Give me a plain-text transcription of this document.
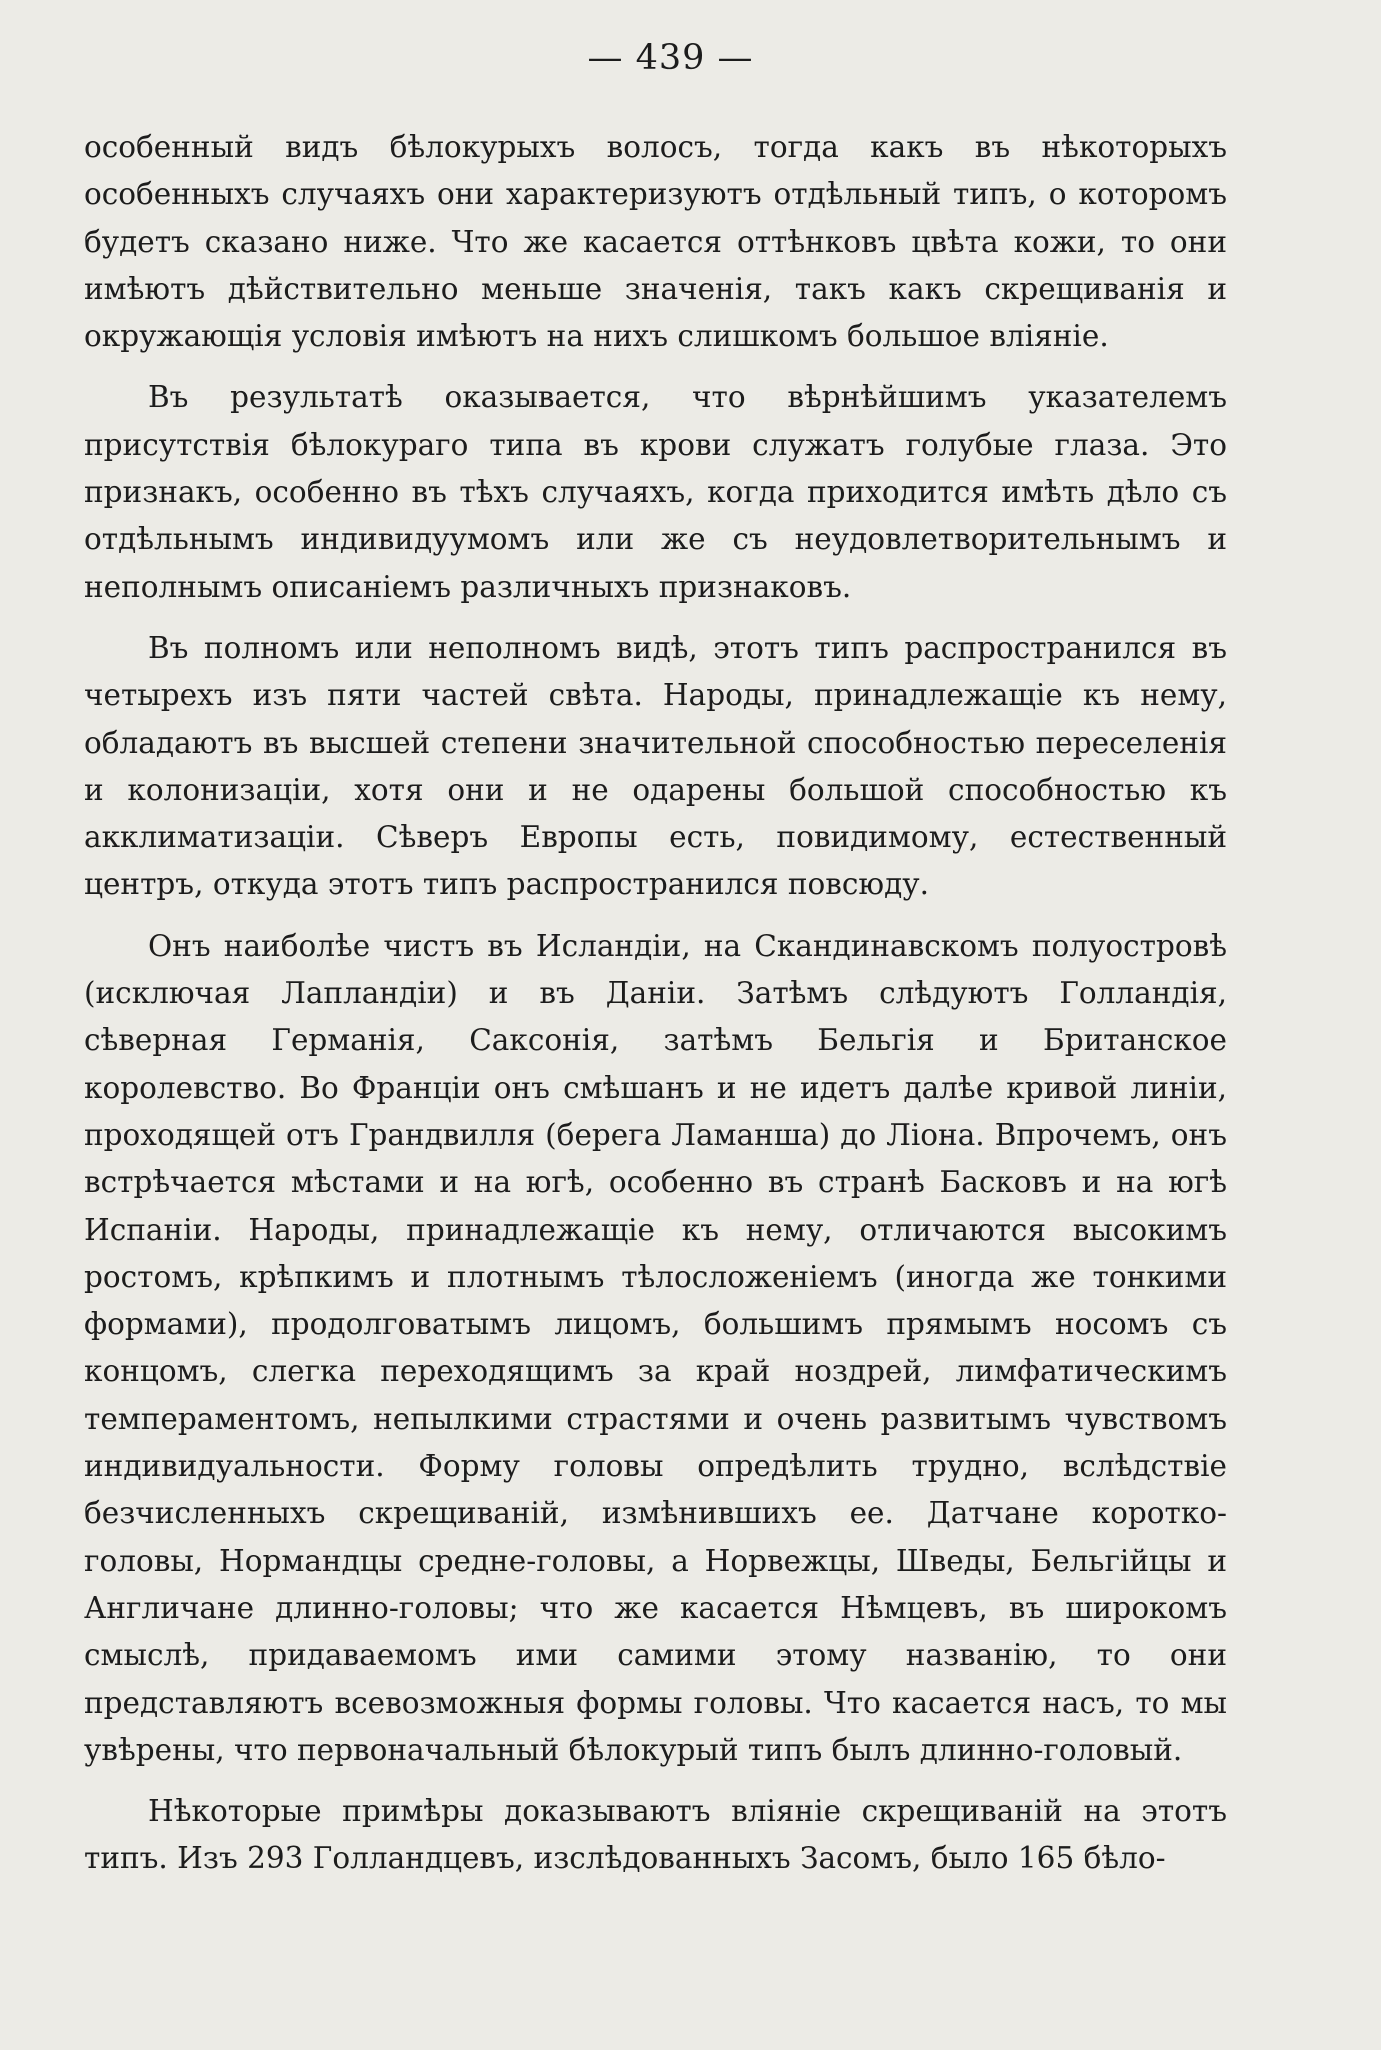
— 439 —

особенный видъ бѣлокурыхъ волосъ, тогда какъ въ нѣкоторыхъ особенныхъ случаяхъ они характеризуютъ отдѣльный типъ, о которомъ будетъ сказано ниже. Что же касается оттѣнковъ цвѣта кожи, то они имѣютъ дѣйствительно меньше значенія, такъ какъ скрещиванія и окружающія условія имѣютъ на нихъ слишкомъ большое вліяніе.

Въ результатѣ оказывается, что вѣрнѣйшимъ указателемъ присутствія бѣлокураго типа въ крови служатъ голубые глаза. Это признакъ, особенно въ тѣхъ случаяхъ, когда приходится имѣть дѣло съ отдѣльнымъ индивидуумомъ или же съ неудовлетворительнымъ и неполнымъ описаніемъ различныхъ признаковъ.

Въ полномъ или неполномъ видѣ, этотъ типъ распространился въ четырехъ изъ пяти частей свѣта. Народы, принадлежащіе къ нему, обладаютъ въ высшей степени значительной способностью переселенія и колонизаціи, хотя они и не одарены большой способностью къ акклиматизаціи. Сѣверъ Европы есть, повидимому, естественный центръ, откуда этотъ типъ распространился повсюду.

Онъ наиболѣе чистъ въ Исландіи, на Скандинавскомъ полуостровѣ (исключая Лапландіи) и въ Даніи. Затѣмъ слѣдуютъ Голландія, сѣверная Германія, Саксонія, затѣмъ Бельгія и Британское королевство. Во Франціи онъ смѣшанъ и не идетъ далѣе кривой линіи, проходящей отъ Грандвилля (берега Ламанша) до Ліона. Впрочемъ, онъ встрѣчается мѣстами и на югѣ, особенно въ странѣ Басковъ и на югѣ Испаніи. Народы, принадлежащіе къ нему, отличаются высокимъ ростомъ, крѣпкимъ и плотнымъ тѣлосложеніемъ (иногда же тонкими формами), продолговатымъ лицомъ, большимъ прямымъ носомъ съ концомъ, слегка переходящимъ за край ноздрей, лимфатическимъ темпераментомъ, непылкими страстями и очень развитымъ чувствомъ индивидуальности. Форму головы опредѣлить трудно, вслѣдствіе безчисленныхъ скрещиваній, измѣнившихъ ее. Датчане коротко-головы, Нормандцы средне-головы, а Норвежцы, Шведы, Бельгійцы и Англичане длинно-головы; что же касается Нѣмцевъ, въ широкомъ смыслѣ, придаваемомъ ими самими этому названію, то они представляютъ всевозможныя формы головы. Что касается насъ, то мы увѣрены, что первоначальный бѣлокурый типъ былъ длинно-головый.

Нѣкоторые примѣры доказываютъ вліяніе скрещиваній на этотъ типъ. Изъ 293 Голландцевъ, изслѣдованныхъ Засомъ, было 165 бѣло-
